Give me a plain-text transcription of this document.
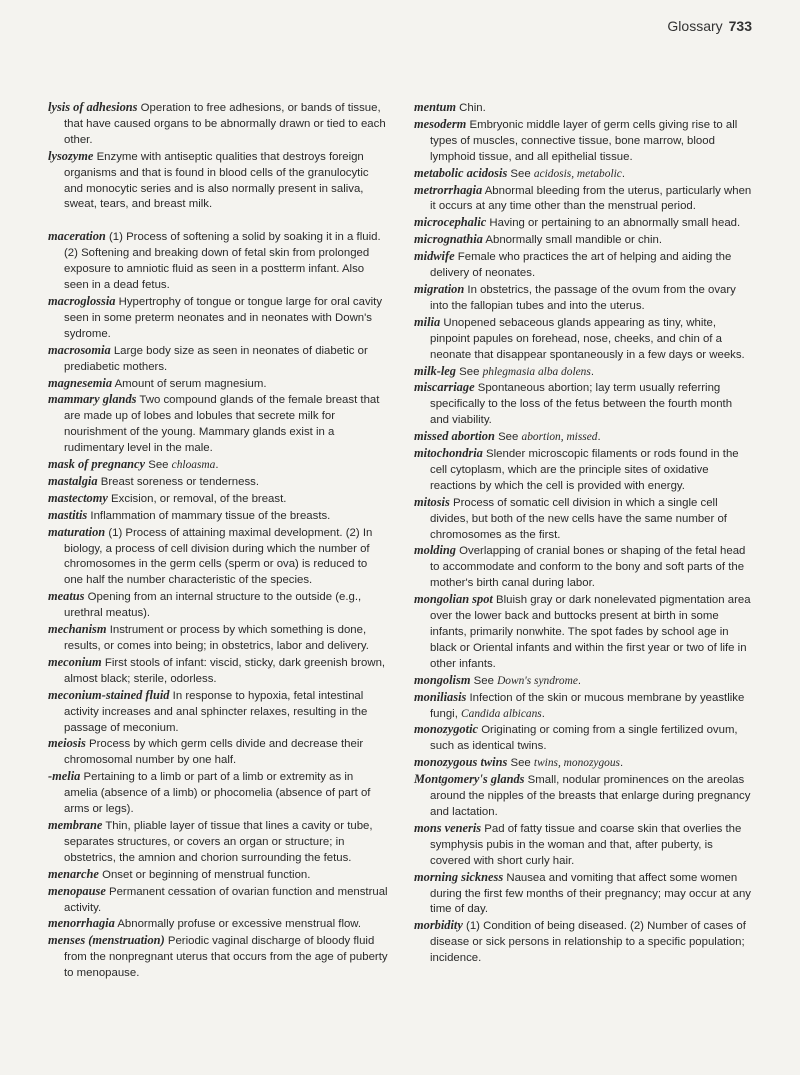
Glossary 733

lysis of adhesions Operation to free adhesions, or bands of tissue, that have caused organs to be abnormally drawn or tied to each other.

lysozyme Enzyme with antiseptic qualities that destroys foreign organisms and that is found in blood cells of the granulocytic and monocytic series and is also normally present in saliva, sweat, tears, and breast milk.

maceration (1) Process of softening a solid by soaking it in a fluid. (2) Softening and breaking down of fetal skin from prolonged exposure to amniotic fluid as seen in a postterm infant. Also seen in a dead fetus.

macroglossia Hypertrophy of tongue or tongue large for oral cavity seen in some preterm neonates and in neonates with Down's sydrome.

macrosomia Large body size as seen in neonates of diabetic or prediabetic mothers.

magnesemia Amount of serum magnesium.

mammary glands Two compound glands of the female breast that are made up of lobes and lobules that secrete milk for nourishment of the young. Mammary glands exist in a rudimentary level in the male.

mask of pregnancy See chloasma.

mastalgia Breast soreness or tenderness.

mastectomy Excision, or removal, of the breast.

mastitis Inflammation of mammary tissue of the breasts.

maturation (1) Process of attaining maximal development. (2) In biology, a process of cell division during which the number of chromosomes in the germ cells (sperm or ova) is reduced to one half the number characteristic of the species.

meatus Opening from an internal structure to the outside (e.g., urethral meatus).

mechanism Instrument or process by which something is done, results, or comes into being; in obstetrics, labor and delivery.

meconium First stools of infant: viscid, sticky, dark greenish brown, almost black; sterile, odorless.

meconium-stained fluid In response to hypoxia, fetal intestinal activity increases and anal sphincter relaxes, resulting in the passage of meconium.

meiosis Process by which germ cells divide and decrease their chromosomal number by one half.

-melia Pertaining to a limb or part of a limb or extremity as in amelia (absence of a limb) or phocomelia (absence of part of arms or legs).

membrane Thin, pliable layer of tissue that lines a cavity or tube, separates structures, or covers an organ or structure; in obstetrics, the amnion and chorion surrounding the fetus.

menarche Onset or beginning of menstrual function.

menopause Permanent cessation of ovarian function and menstrual activity.

menorrhagia Abnormally profuse or excessive menstrual flow.

menses (menstruation) Periodic vaginal discharge of bloody fluid from the nonpregnant uterus that occurs from the age of puberty to menopause.

mentum Chin.

mesoderm Embryonic middle layer of germ cells giving rise to all types of muscles, connective tissue, bone marrow, blood lymphoid tissue, and all epithelial tissue.

metabolic acidosis See acidosis, metabolic.

metrorrhagia Abnormal bleeding from the uterus, particularly when it occurs at any time other than the menstrual period.

microcephalic Having or pertaining to an abnormally small head.

micrognathia Abnormally small mandible or chin.

midwife Female who practices the art of helping and aiding the delivery of neonates.

migration In obstetrics, the passage of the ovum from the ovary into the fallopian tubes and into the uterus.

milia Unopened sebaceous glands appearing as tiny, white, pinpoint papules on forehead, nose, cheeks, and chin of a neonate that disappear spontaneously in a few days or weeks.

milk-leg See phlegmasia alba dolens.

miscarriage Spontaneous abortion; lay term usually referring specifically to the loss of the fetus between the fourth month and viability.

missed abortion See abortion, missed.

mitochondria Slender microscopic filaments or rods found in the cell cytoplasm, which are the principle sites of oxidative reactions by which the cell is provided with energy.

mitosis Process of somatic cell division in which a single cell divides, but both of the new cells have the same number of chromosomes as the first.

molding Overlapping of cranial bones or shaping of the fetal head to accommodate and conform to the bony and soft parts of the mother's birth canal during labor.

mongolian spot Bluish gray or dark nonelevated pigmentation area over the lower back and buttocks present at birth in some infants, primarily nonwhite. The spot fades by school age in black or Oriental infants and within the first year or two of life in other infants.

mongolism See Down's syndrome.

moniliasis Infection of the skin or mucous membrane by yeastlike fungi, Candida albicans.

monozygotic Originating or coming from a single fertilized ovum, such as identical twins.

monozygous twins See twins, monozygous.

Montgomery's glands Small, nodular prominences on the areolas around the nipples of the breasts that enlarge during pregnancy and lactation.

mons veneris Pad of fatty tissue and coarse skin that overlies the symphysis pubis in the woman and that, after puberty, is covered with short curly hair.

morning sickness Nausea and vomiting that affect some women during the first few months of their pregnancy; may occur at any time of day.

morbidity (1) Condition of being diseased. (2) Number of cases of disease or sick persons in relationship to a specific population; incidence.
